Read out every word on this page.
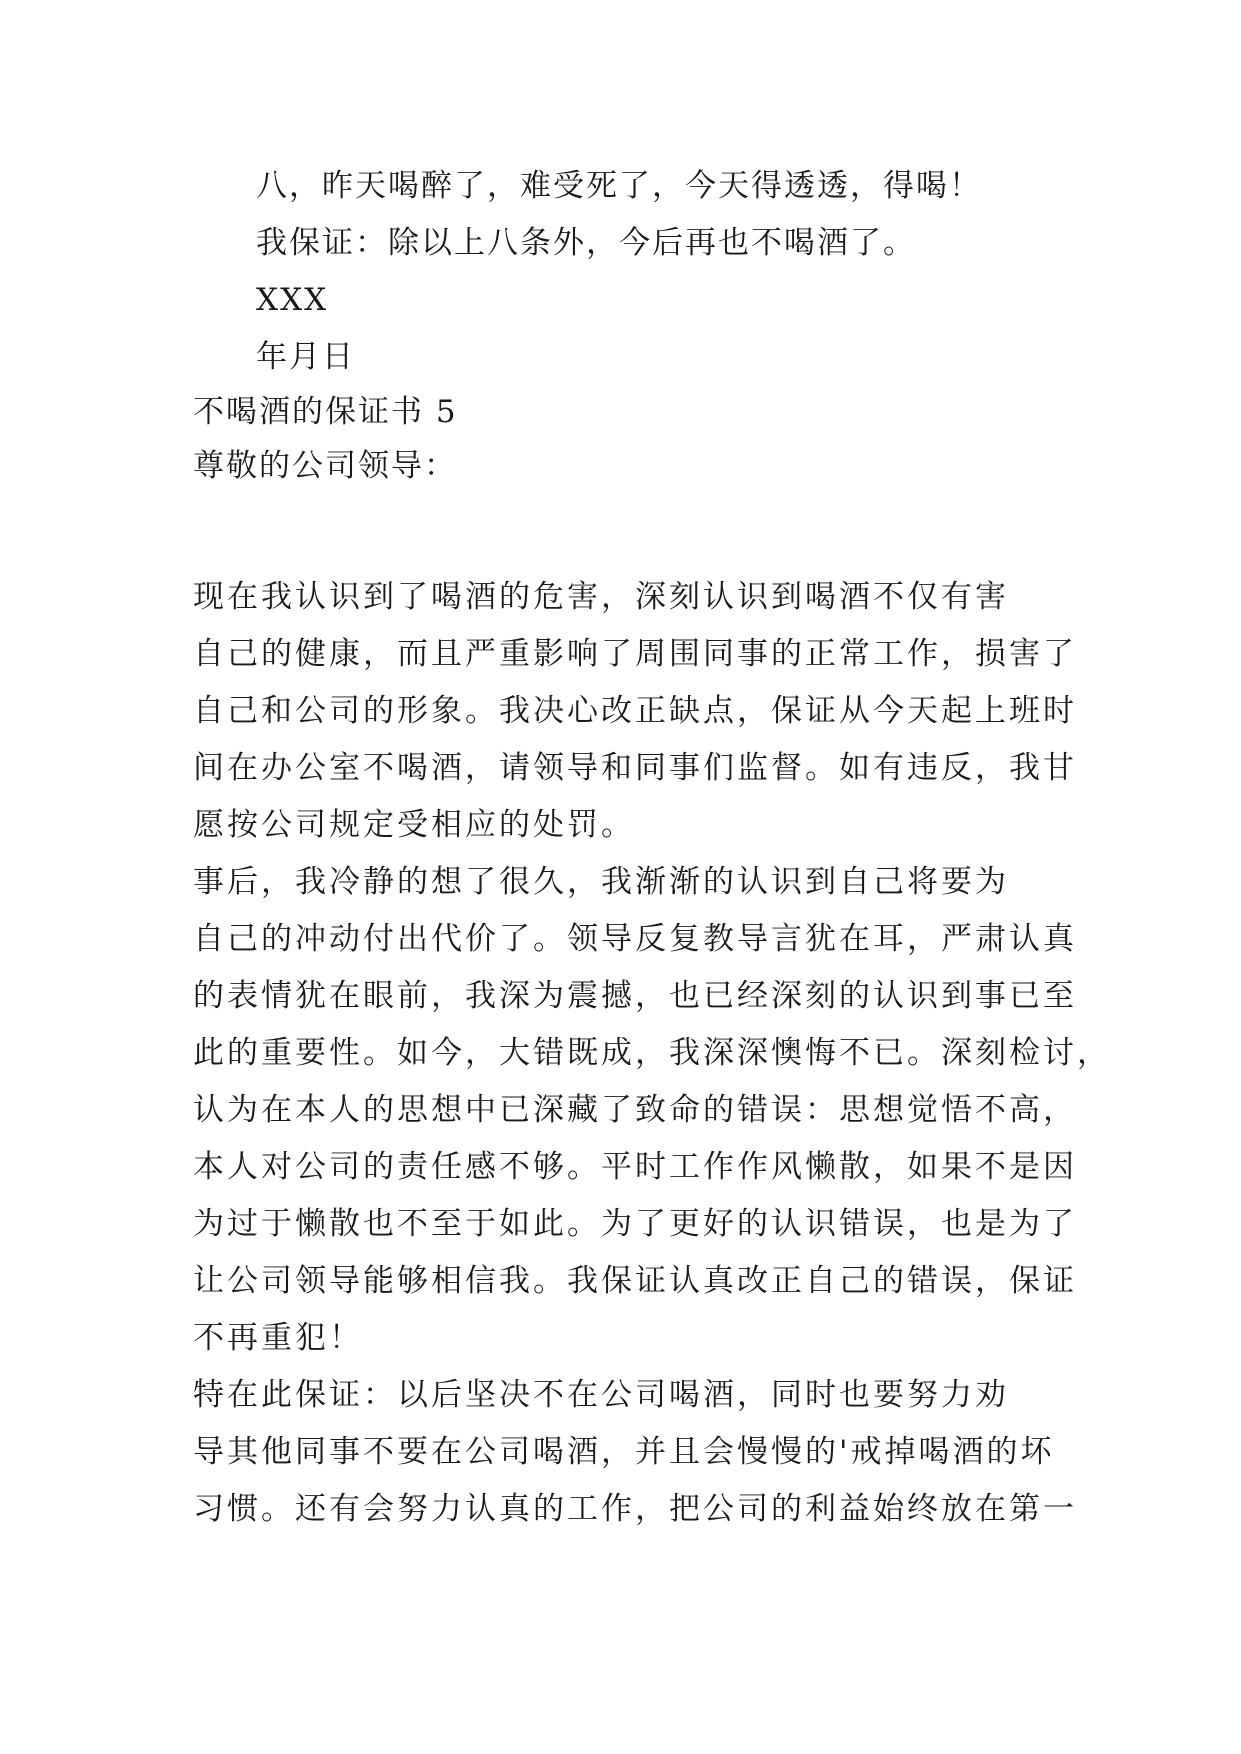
八，昨天喝醉了，难受死了，今天得透透，得喝！
我保证：除以上八条外，今后再也不喝酒了。
XXX
年月日
不喝酒的保证书 5
尊敬的公司领导：
现在我认识到了喝酒的危害，深刻认识到喝酒不仅有害
自己的健康，而且严重影响了周围同事的正常工作，损害了
自己和公司的形象。我决心改正缺点，保证从今天起上班时
间在办公室不喝酒，请领导和同事们监督。如有违反，我甘
愿按公司规定受相应的处罚。
事后，我冷静的想了很久，我渐渐的认识到自己将要为
自己的冲动付出代价了。领导反复教导言犹在耳，严肃认真
的表情犹在眼前，我深为震撼，也已经深刻的认识到事已至
此的重要性。如今，大错既成，我深深懊悔不已。深刻检讨，
认为在本人的思想中已深藏了致命的错误：思想觉悟不高，
本人对公司的责任感不够。平时工作作风懒散，如果不是因
为过于懒散也不至于如此。为了更好的认识错误，也是为了
让公司领导能够相信我。我保证认真改正自己的错误，保证
不再重犯！
特在此保证：以后坚决不在公司喝酒，同时也要努力劝
导其他同事不要在公司喝酒，并且会慢慢的'戒掉喝酒的坏
习惯。还有会努力认真的工作，把公司的利益始终放在第一
